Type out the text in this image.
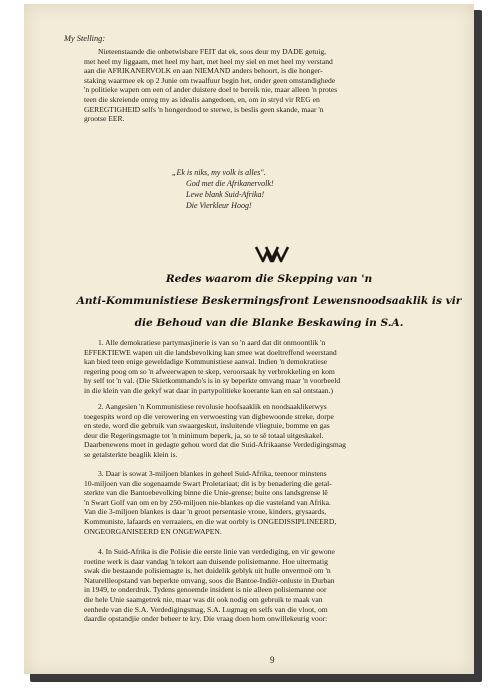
My Stelling:
Nieteenstaande die onbetwisbare FEIT dat ek, soos deur my DADE getuig,
met heel my liggaam, met heel my hart, met heel my siel en met heel my verstand
aan die AFRIKANERVOLK en aan NIEMAND anders behoort, is die honger-
staking waarmee ek op 2 Junie om twaalfuur begin het, onder geen omstandighede
'n politieke wapen om een of ander duistere doel te bereik nie, maar alleen 'n protes
teen die skreiende onreg my as idealis aangedoen, en, om in stryd vir REG en
GEREGTIGHEID selfs 'n hongerdood te sterwe, is beslis geen skande, maar 'n
grootse EER.
„Ek is niks, my volk is alles".
God met die Afrikanervolk!
Lewe blank Suid-Afrika!
Die Vierkleur Hoog!
Redes waarom die Skepping van 'n
Anti-Kommunistiese Beskermingsfront Lewensnoodsaaklik is vir
die Behoud van die Blanke Beskawing in S.A.
1. Alle demokratiese partymasjinerie is van so 'n aard dat dit onmoontlik 'n
EFFEKTIEWE wapen uit die landsbevolking kan smee wat doeltreffend weerstand
kan bied teen enige geweldadige Kommunistiese aanval. Indien 'n demokratiese
regering poog om so 'n afweerwapen te skep, veroorsaak hy verbrokkeling en kom
hy self tot 'n val. (Die Skietkommando's is in sy beperkte omvang maar 'n voorbeeld
in die klein van die gekyf wat daar in partypolitieke koerante kan en sal ontstaan.)
2. Aangesien 'n Kommunistiese revolusie hoofsaaklik en noodsaaklikerwys
toegespits word op die verowering en verwoesting van digbewoonde streke, dorpe
en stede, word die gebruik van swaargeskut, insluitende vliegtuie, bomme en gas
deur die Regeringsmagte tot 'n minimum beperk, ja, so te sê totaal uitgeskakel.
Daarbenewens moet in gedagte gehou word dat die Suid-Afrikaanse Verdedigingsmag
se getalsterkte beaglik klein is.
3. Daar is sowat 3-miljoen blankes in geheel Suid-Afrika, teenoor minstens
10-miljoen van die sogenaamde Swart Proletariaat; dit is by benadering die getal-
sterkte van die Bantoebevolking binne die Unie-grense; buite ons landsgrense lê
'n Swart Golf van om en by 250-miljoen nie-blankes op die vasteland van Afrika.
Van die 3-miljoen blankes is daar 'n groot persentasie vroue, kinders, grysaards,
Kommuniste, lafaards en verraaiers, en die wat oorbly is ONGEDISSIPLINEERD,
ONGEORGANISEERD EN ONGEWAPEN.
4. In Suid-Afrika is die Polisie die eerste linie van verdediging, en vir gewone
roetine werk is daar vandag 'n tekort aan duisende polisiemanne. Hoe uitermatig
swak die bestaande polisiemagte is, het duidelik geblyk uit hulle onvermoë om 'n
Naturellleopstand van beperkte omvang, soos die Bantoe-Indiër-onluste in Durban
in 1949, te onderdruk. Tydens genoemde insident is nie alleen polisiemanne oor
die hele Unie saamgetrek nie, maar was dit ook nodig om gebruik te maak van
eenhede van die S.A. Verdedigingsmag, S.A. Lugmag en selfs van die vloot, om
daardie opstandjie onder beheer te kry. Die vraag doen hom onwillekeurig voor:
9
